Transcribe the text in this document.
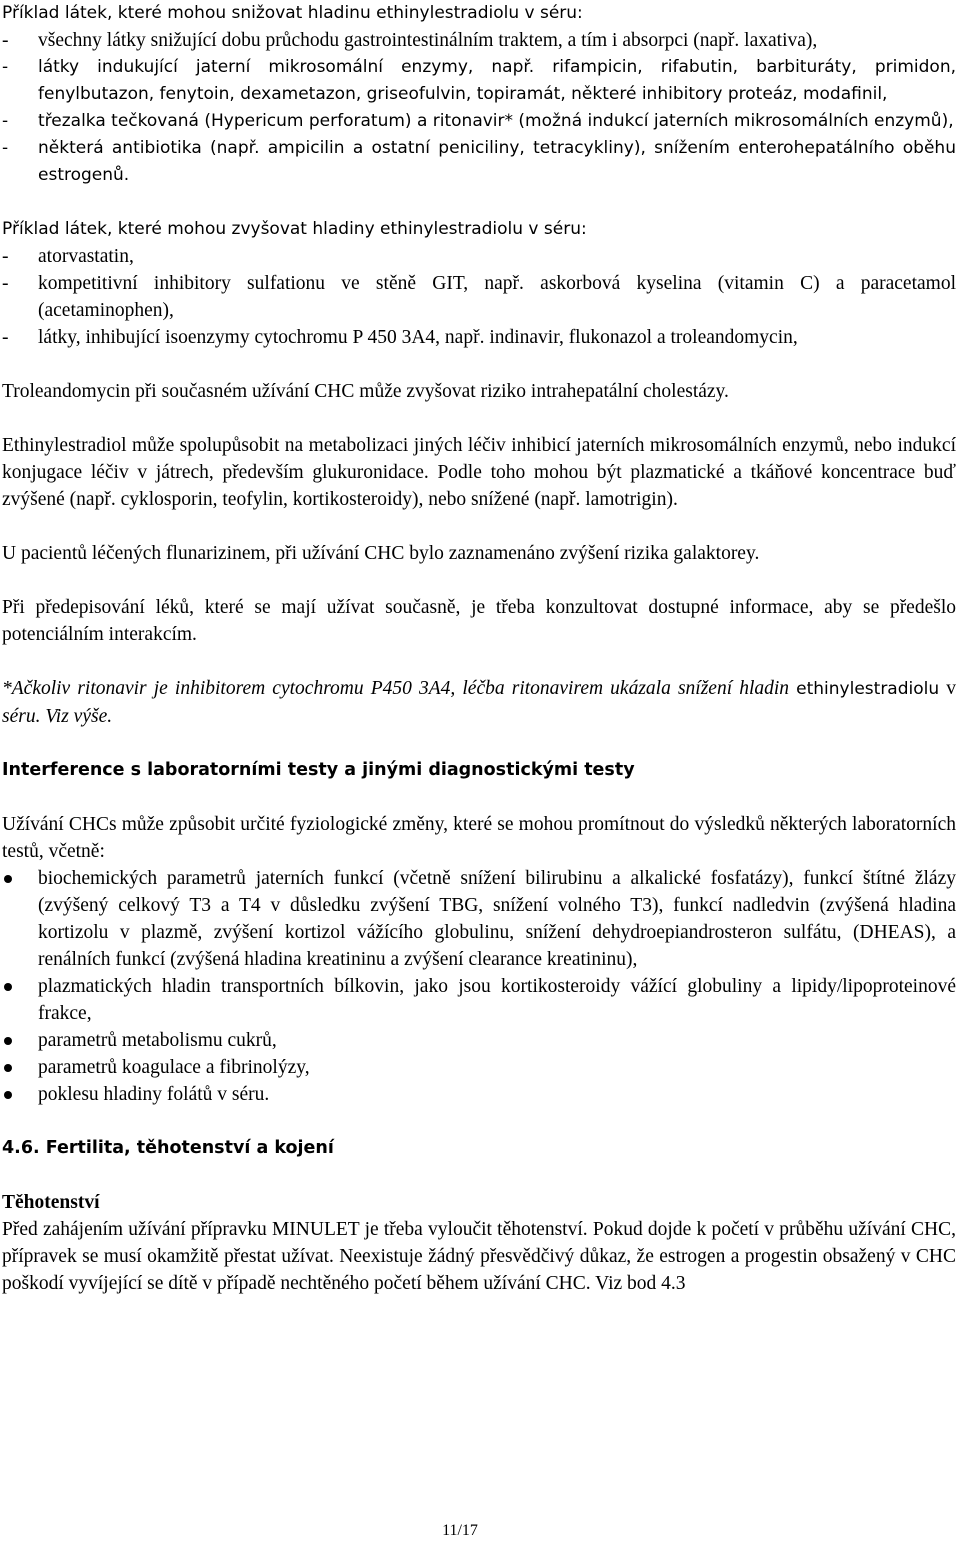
Příklad látek, které mohou snižovat hladinu ethinylestradiolu v séru:

-	všechny látky snižující dobu průchodu gastrointestinálním traktem, a tím i absorpci (např. laxativa),
-	látky indukující jaterní mikrosomální enzymy, např. rifampicin, rifabutin, barbituráty, primidon, fenylbutazon, fenytoin, dexametazon, griseofulvin, topiramát, některé inhibitory proteáz, modafinil,
-	třezalka tečkovaná (Hypericum perforatum) a ritonavir* (možná indukcí jaterních mikrosomálních enzymů),
-	některá antibiotika (např. ampicilin a ostatní peniciliny, tetracykliny), snížením enterohepatálního oběhu estrogenů.

Příklad látek, které mohou zvyšovat hladiny ethinylestradiolu v séru:

-	atorvastatin,
-	kompetitivní inhibitory sulfationu ve stěně GIT, např. askorbová kyselina (vitamin C) a paracetamol (acetaminophen),
-	látky, inhibující isoenzymy cytochromu P 450 3A4, např. indinavir, flukonazol a troleandomycin,

Troleandomycin při současném užívání CHC může zvyšovat riziko intrahepatální cholestázy.

Ethinylestradiol může spolupůsobit na metabolizaci jiných léčiv inhibicí jaterních mikrosomálních enzymů, nebo indukcí konjugace léčiv v játrech, především glukuronidace. Podle toho mohou být plazmatické a tkáňové koncentrace buď zvýšené (např. cyklosporin, teofylin, kortikosteroidy), nebo snížené (např. lamotrigin).

U pacientů léčených flunarizinem, při užívání CHC bylo zaznamenáno zvýšení rizika galaktorey.

Při předepisování léků, které se mají užívat současně, je třeba konzultovat dostupné informace, aby se předešlo potenciálním interakcím.

*Ačkoliv ritonavir je inhibitorem cytochromu P450 3A4, léčba ritonavirem ukázala snížení hladin ethinylestradiolu v séru. Viz výše.

Interference s laboratorními testy a jinými diagnostickými testy

Užívání CHCs může způsobit určité fyziologické změny, které se mohou promítnout do výsledků některých laboratorních testů, včetně:

biochemických parametrů jaterních funkcí (včetně snížení bilirubinu a alkalické fosfatázy), funkcí štítné žlázy (zvýšený celkový T3 a T4 v důsledku zvýšení TBG, snížení volného T3), funkcí nadledvin (zvýšená hladina kortizolu v plazmě, zvýšení kortizol vážícího globulinu, snížení dehydroepiandrosteron sulfátu, (DHEAS), a renálních funkcí (zvýšená hladina kreatininu a zvýšení clearance kreatininu),
plazmatických hladin transportních bílkovin, jako jsou kortikosteroidy vážící globuliny a lipidy/lipoproteinové frakce,
parametrů metabolismu cukrů,
parametrů koagulace a fibrinolýzy,
poklesu hladiny folátů v séru.
4.6. Fertilita, těhotenství a kojení

Těhotenství

Před zahájením užívání přípravku MINULET je třeba vyloučit těhotenství. Pokud dojde k početí v průběhu užívání CHC, přípravek se musí okamžitě přestat užívat. Neexistuje žádný přesvědčivý důkaz, že estrogen a progestin obsažený v CHC poškodí vyvíjející se dítě v případě nechtěného početí během užívání CHC. Viz bod 4.3

11/17
